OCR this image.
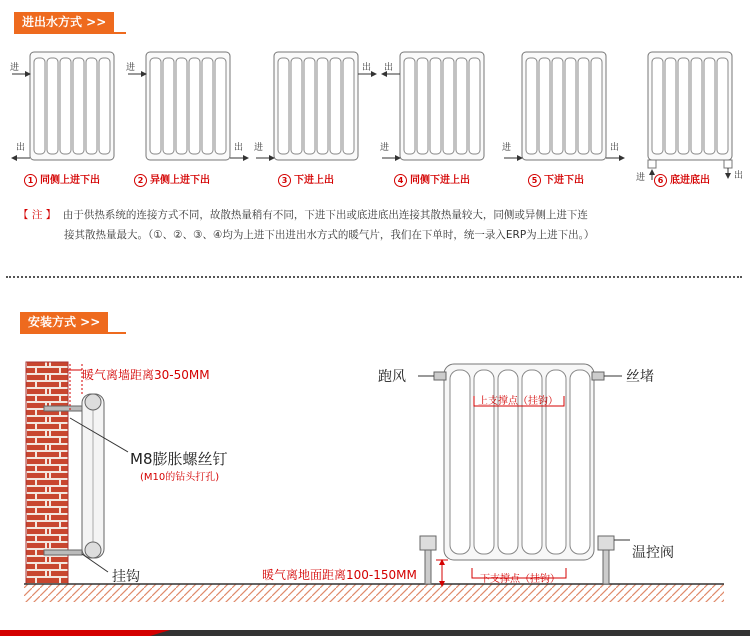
进出水方式 >>
进
出
进
出 进
出
进
出
进	出
进	出
1 同侧上进下出	2 异侧上进下出	3 下进上出	4 同侧下进上出	5 下进下出	6 底进底出
【 注 】 由于供热系统的连接方式不同，故散热量稍有不同，下进下出或底进底出连接其散热量较大，同侧或异侧上进下连
接其散热量最大。（①、②、③、④均为上进下出进出水方式的暖气片，我们在下单时，统一录入ERP为上进下出。）
安装方式 >>
暖气离墙距离30-50MM
M8膨胀螺丝钉
(M10的钻头打孔)
挂钩
跑风	丝堵
上支撑点（挂钩）
下支撑点（挂钩）
暖气离地面距离100-150MM
温控阀
